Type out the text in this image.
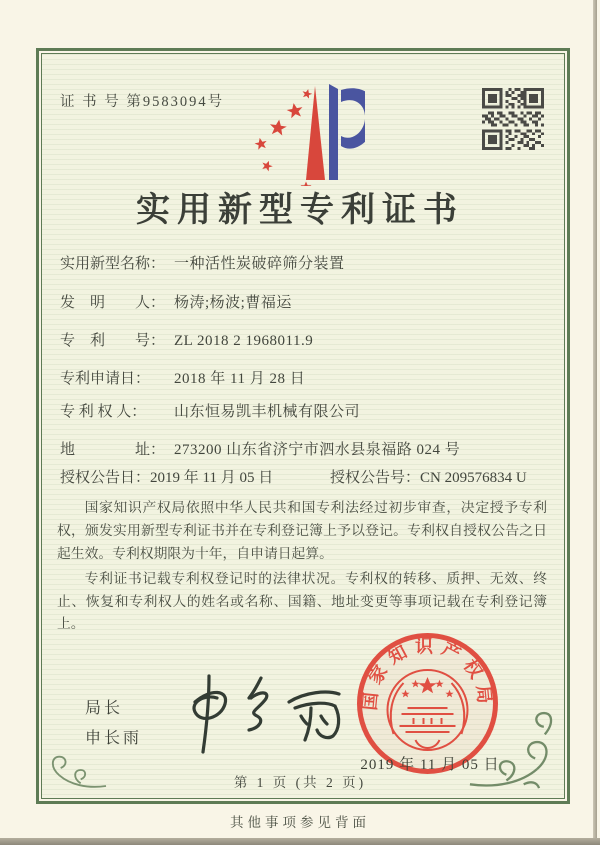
证 书 号 第9583094号
实用新型专利证书
实用新型名称： 一种活性炭破碎筛分装置
发　明　　人： 杨涛;杨波;曹福运
专　利　　号： ZL 2018 2 1968011.9
专利申请日： 2018 年 11 月 28 日
专 利 权 人： 山东恒易凯丰机械有限公司
地　　　　址： 273200 山东省济宁市泗水县泉福路 024 号
授权公告日：2019 年 11 月 05 日	授权公告号：CN 209576834 U

国家知识产权局依照中华人民共和国专利法经过初步审查，决定授予专利权，颁发实用新型专利证书并在专利登记簿上予以登记。专利权自授权公告之日起生效。专利权期限为十年，自申请日起算。

专利证书记载专利权登记时的法律状况。专利权的转移、质押、无效、终止、恢复和专利权人的姓名或名称、国籍、地址变更等事项记载在专利登记簿上。

局长
申长雨
国家知识产权局
2019 年 11 月 05 日
第 1 页 (共 2 页)
其他事项参见背面
